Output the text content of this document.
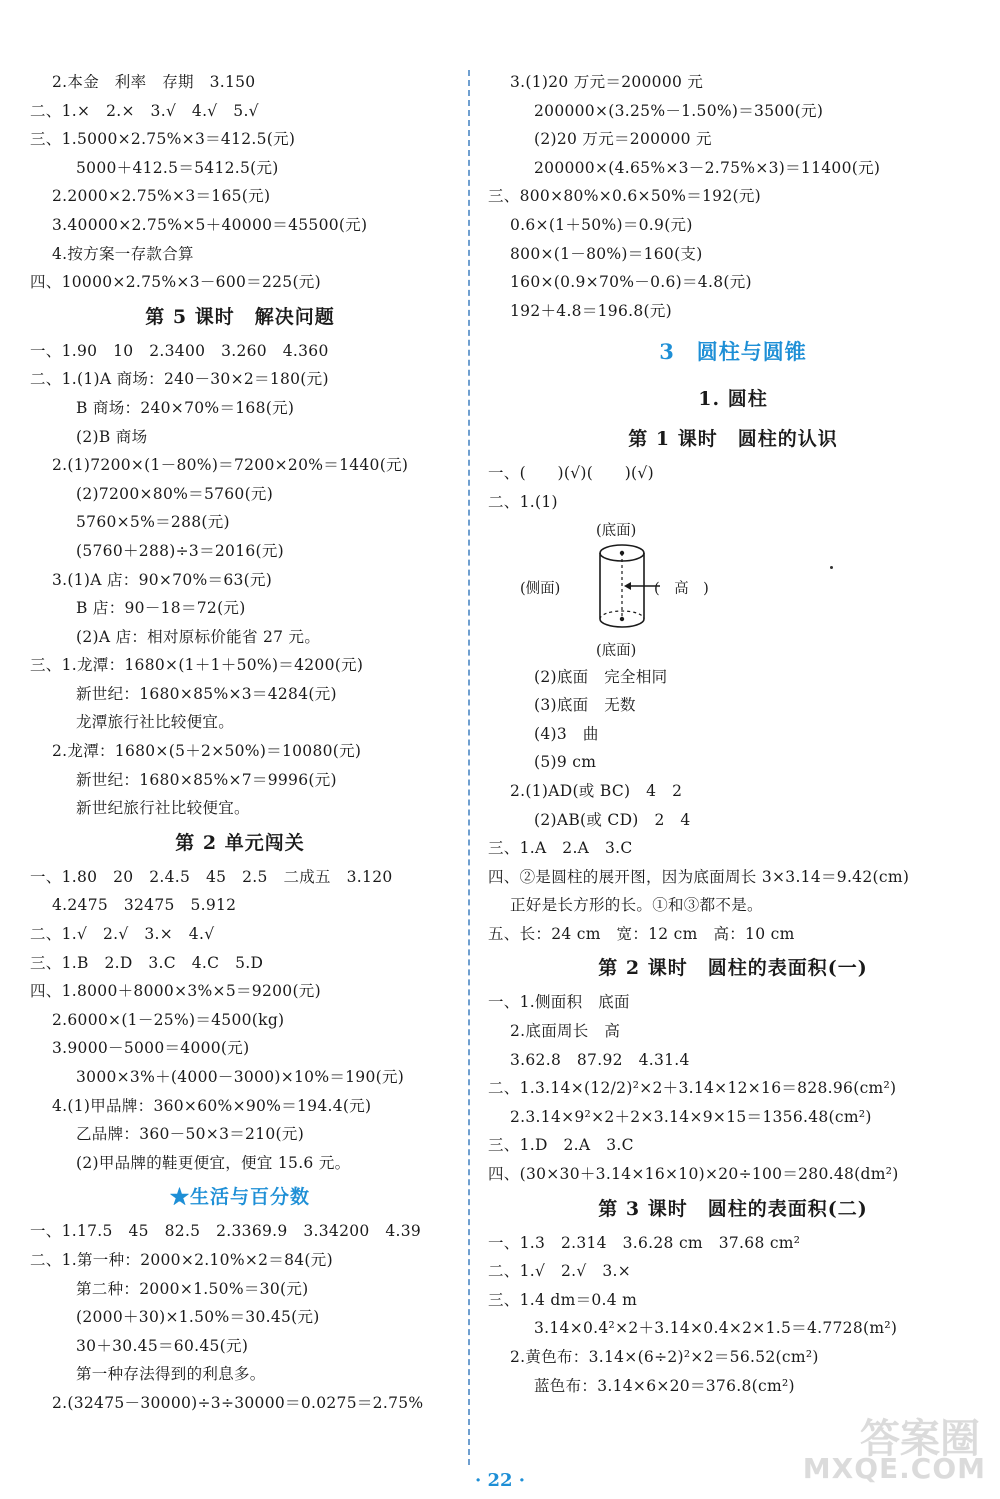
2.本金　利率　存期　3.150
二、1.×　2.×　3.√　4.√　5.√
三、1.5000×2.75%×3＝412.5(元)
5000＋412.5＝5412.5(元)
2.2000×2.75%×3＝165(元)
3.40000×2.75%×5＋40000＝45500(元)
4.按方案一存款合算
四、10000×2.75%×3－600＝225(元)
第 5 课时　解决问题
一、1.90　10　2.3400　3.260　4.360
二、1.(1)A 商场：240－30×2＝180(元)
B 商场：240×70%＝168(元)
(2)B 商场
2.(1)7200×(1－80%)＝7200×20%＝1440(元)
(2)7200×80%＝5760(元)
5760×5%＝288(元)
(5760＋288)÷3＝2016(元)
3.(1)A 店：90×70%＝63(元)
B 店：90－18＝72(元)
(2)A 店：相对原标价能省 27 元。
三、1.龙潭：1680×(1＋1＋50%)＝4200(元)
新世纪：1680×85%×3＝4284(元)
龙潭旅行社比较便宜。
2.龙潭：1680×(5＋2×50%)＝10080(元)
新世纪：1680×85%×7＝9996(元)
新世纪旅行社比较便宜。
第 2 单元闯关
一、1.80　20　2.4.5　45　2.5　二成五　3.120
4.2475　32475　5.912
二、1.√　2.√　3.×　4.√
三、1.B　2.D　3.C　4.C　5.D
四、1.8000＋8000×3%×5＝9200(元)
2.6000×(1－25%)＝4500(kg)
3.9000－5000＝4000(元)
3000×3%＋(4000－3000)×10%＝190(元)
4.(1)甲品牌：360×60%×90%＝194.4(元)
乙品牌：360－50×3＝210(元)
(2)甲品牌的鞋更便宜，便宜 15.6 元。
★生活与百分数
一、1.17.5　45　82.5　2.3369.9　3.34200　4.39
二、1.第一种：2000×2.10%×2＝84(元)
第二种：2000×1.50%＝30(元)
(2000＋30)×1.50%＝30.45(元)
30＋30.45＝60.45(元)
第一种存法得到的利息多。
2.(32475－30000)÷3÷30000＝0.0275＝2.75%
3.(1)20 万元＝200000 元
200000×(3.25%－1.50%)＝3500(元)
(2)20 万元＝200000 元
200000×(4.65%×3－2.75%×3)＝11400(元)
三、800×80%×0.6×50%＝192(元)
0.6×(1＋50%)＝0.9(元)
800×(1－80%)＝160(支)
160×(0.9×70%－0.6)＝4.8(元)
192＋4.8＝196.8(元)
3　圆柱与圆锥
1. 圆柱
第 1 课时　圆柱的认识
一、(　　)(√)(　　)(√)
二、1.(1)
(底面)
(侧面)	(　高　)
(底面)
(2)底面　完全相同
(3)底面　无数
(4)3　曲
(5)9 cm
2.(1)AD(或 BC)　4　2
(2)AB(或 CD)　2　4
三、1.A　2.A　3.C
四、②是圆柱的展开图，因为底面周长 3×3.14＝9.42(cm)
正好是长方形的长。①和③都不是。
五、长：24 cm　宽：12 cm　高：10 cm
第 2 课时　圆柱的表面积(一)
一、1.侧面积　底面
2.底面周长　高
3.62.8　87.92　4.31.4
二、1.3.14×(12/2)²×2＋3.14×12×16＝828.96(cm²)
2.3.14×9²×2＋2×3.14×9×15＝1356.48(cm²)
三、1.D　2.A　3.C
四、(30×30＋3.14×16×10)×20÷100＝280.48(dm²)
第 3 课时　圆柱的表面积(二)
一、1.3　2.314　3.6.28 cm　37.68 cm²
二、1.√　2.√　3.×
三、1.4 dm＝0.4 m
3.14×0.4²×2＋3.14×0.4×2×1.5＝4.7728(m²)
2.黄色布：3.14×(6÷2)²×2＝56.52(cm²)
蓝色布：3.14×6×20＝376.8(cm²)
· 22 ·
答案圈
MXQE.COM
